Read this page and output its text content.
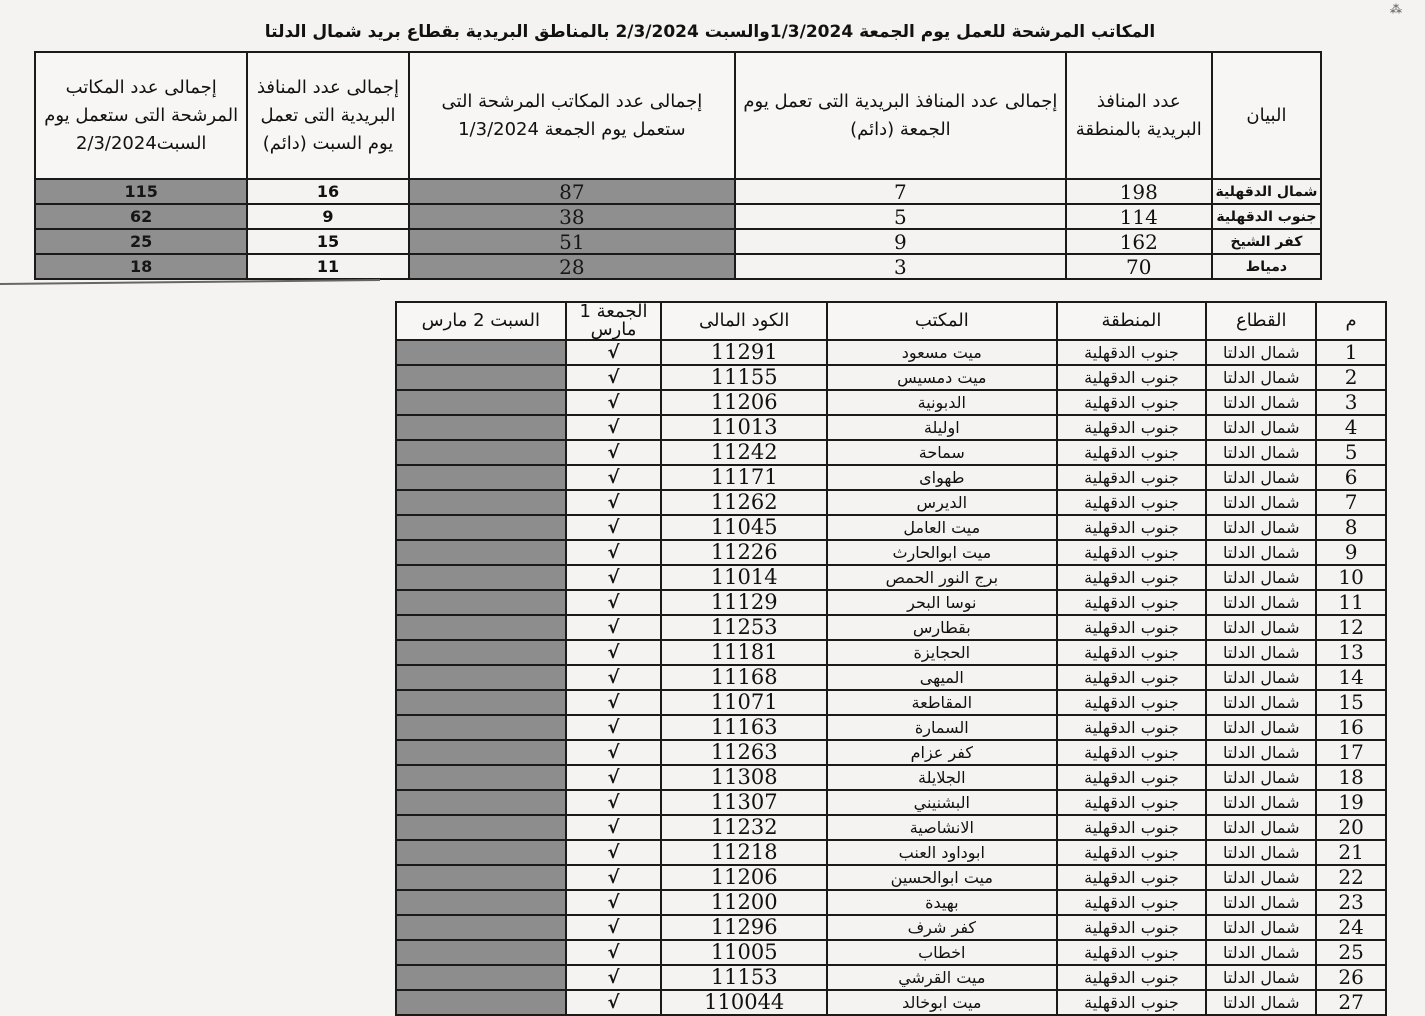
⁂
المكاتب المرشحة للعمل يوم الجمعة 1/3/2024والسبت 2/3/2024 بالمناطق البريدية بقطاع بريد شمال الدلتا
البيان	عدد المنافذ البريدية بالمنطقة	إجمالى عدد المنافذ البريدية التى تعمل يوم الجمعة (دائم)	إجمالى عدد المكاتب المرشحة التى ستعمل يوم الجمعة 1/3/2024	إجمالى عدد المنافذ البريدية التى تعمل يوم السبت (دائم)	إجمالى عدد المكاتب المرشحة التى ستعمل يوم السبت2/3/2024
شمال الدقهلية	198	7	87	16	115
جنوب الدقهلية	114	5	38	9	62
كفر الشيخ	162	9	51	15	25
دمياط	70	3	28	11	18
م	القطاع	المنطقة	المكتب	الكود المالى	الجمعة 1 مارس	السبت 2 مارس
1	شمال الدلتا	جنوب الدقهلية	ميت مسعود	11291	√	
2	شمال الدلتا	جنوب الدقهلية	ميت دمسيس	11155	√	
3	شمال الدلتا	جنوب الدقهلية	الدبونية	11206	√	
4	شمال الدلتا	جنوب الدقهلية	اوليلة	11013	√	
5	شمال الدلتا	جنوب الدقهلية	سماحة	11242	√	
6	شمال الدلتا	جنوب الدقهلية	طهواى	11171	√	
7	شمال الدلتا	جنوب الدقهلية	الديرس	11262	√	
8	شمال الدلتا	جنوب الدقهلية	ميت العامل	11045	√	
9	شمال الدلتا	جنوب الدقهلية	ميت ابوالحارث	11226	√	
10	شمال الدلتا	جنوب الدقهلية	برج النور الحمص	11014	√	
11	شمال الدلتا	جنوب الدقهلية	نوسا البحر	11129	√	
12	شمال الدلتا	جنوب الدقهلية	بقطارس	11253	√	
13	شمال الدلتا	جنوب الدقهلية	الحجايزة	11181	√	
14	شمال الدلتا	جنوب الدقهلية	الميهى	11168	√	
15	شمال الدلتا	جنوب الدقهلية	المقاطعة	11071	√	
16	شمال الدلتا	جنوب الدقهلية	السمارة	11163	√	
17	شمال الدلتا	جنوب الدقهلية	كفر عزام	11263	√	
18	شمال الدلتا	جنوب الدقهلية	الجلايلة	11308	√	
19	شمال الدلتا	جنوب الدقهلية	البشنيني	11307	√	
20	شمال الدلتا	جنوب الدقهلية	الانشاصية	11232	√	
21	شمال الدلتا	جنوب الدقهلية	ابوداود العنب	11218	√	
22	شمال الدلتا	جنوب الدقهلية	ميت ابوالحسين	11206	√	
23	شمال الدلتا	جنوب الدقهلية	بهيدة	11200	√	
24	شمال الدلتا	جنوب الدقهلية	كفر شرف	11296	√	
25	شمال الدلتا	جنوب الدقهلية	اخطاب	11005	√	
26	شمال الدلتا	جنوب الدقهلية	ميت القرشي	11153	√	
27	شمال الدلتا	جنوب الدقهلية	ميت ابوخالد	110044	√	
